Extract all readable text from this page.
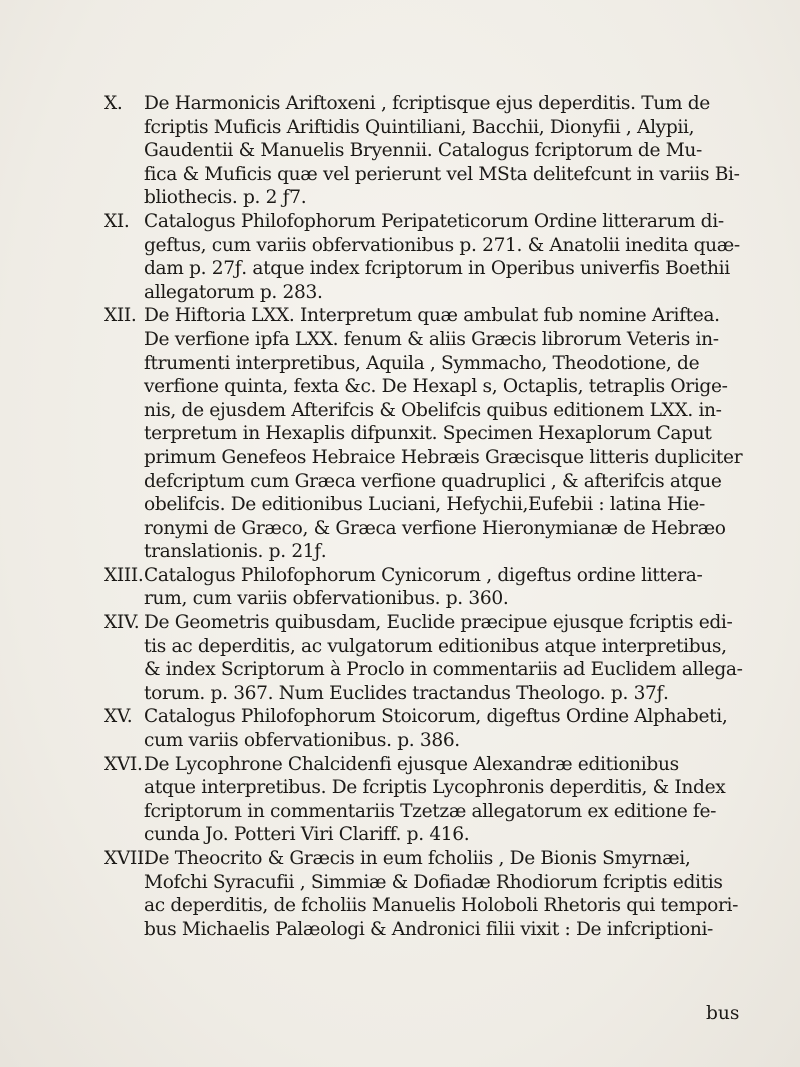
X. De Harmonicis Ariftoxeni , fcriptisque ejus deperditis. Tum de
fcriptis Muficis Ariftidis Quintiliani, Bacchii, Dionyfii , Alypii,
Gaudentii & Manuelis Bryennii. Catalogus fcriptorum de Mu-
fica & Muficis quæ vel perierunt vel MSta delitefcunt in variis Bi-
bliothecis. p. 2 ƒ7.
XI. Catalogus Philofophorum Peripateticorum Ordine litterarum di-
geftus, cum variis obfervationibus p. 271. & Anatolii inedita quæ-
dam p. 27ƒ. atque index fcriptorum in Operibus univerfis Boethii
allegatorum p. 283.
XII. De Hiftoria LXX. Interpretum quæ ambulat fub nomine Ariftea.
De verfione ipfa LXX. fenum & aliis Græcis librorum Veteris in-
ftrumenti interpretibus, Aquila , Symmacho, Theodotione, de
verfione quinta, fexta &c. De Hexapl s, Octaplis, tetraplis Orige-
nis, de ejusdem Afterifcis & Obelifcis quibus editionem LXX. in-
terpretum in Hexaplis difpunxit. Specimen Hexaplorum Caput
primum Genefeos Hebraice Hebræis Græcisque litteris dupliciter
defcriptum cum Græca verfione quadruplici , & afterifcis atque
obelifcis. De editionibus Luciani, Hefychii,Eufebii : latina Hie-
ronymi de Græco, & Græca verfione Hieronymianæ de Hebræo
translationis. p. 21ƒ.
XIII. Catalogus Philofophorum Cynicorum , digeftus ordine littera-
rum, cum variis obfervationibus. p. 360.
XIV. De Geometris quibusdam, Euclide præcipue ejusque fcriptis edi-
tis ac deperditis, ac vulgatorum editionibus atque interpretibus,
& index Scriptorum à Proclo in commentariis ad Euclidem allega-
torum. p. 367. Num Euclides tractandus Theologo. p. 37ƒ.
XV. Catalogus Philofophorum Stoicorum, digeftus Ordine Alphabeti,
cum variis obfervationibus. p. 386.
XVI. De Lycophrone Chalcidenfi ejusque Alexandræ editionibus
atque interpretibus. De fcriptis Lycophronis deperditis, & Index
fcriptorum in commentariis Tzetzæ allegatorum ex editione fe-
cunda Jo. Potteri Viri Clariff. p. 416.
XVII.
De Theocrito & Græcis in eum fcholiis , De Bionis Smyrnæi,
Mofchi Syracufii , Simmiæ & Dofiadæ Rhodiorum fcriptis editis
ac deperditis, de fcholiis Manuelis Holoboli Rhetoris qui tempori-
bus Michaelis Palæologi & Andronici filii vixit : De infcriptioni-
bus
